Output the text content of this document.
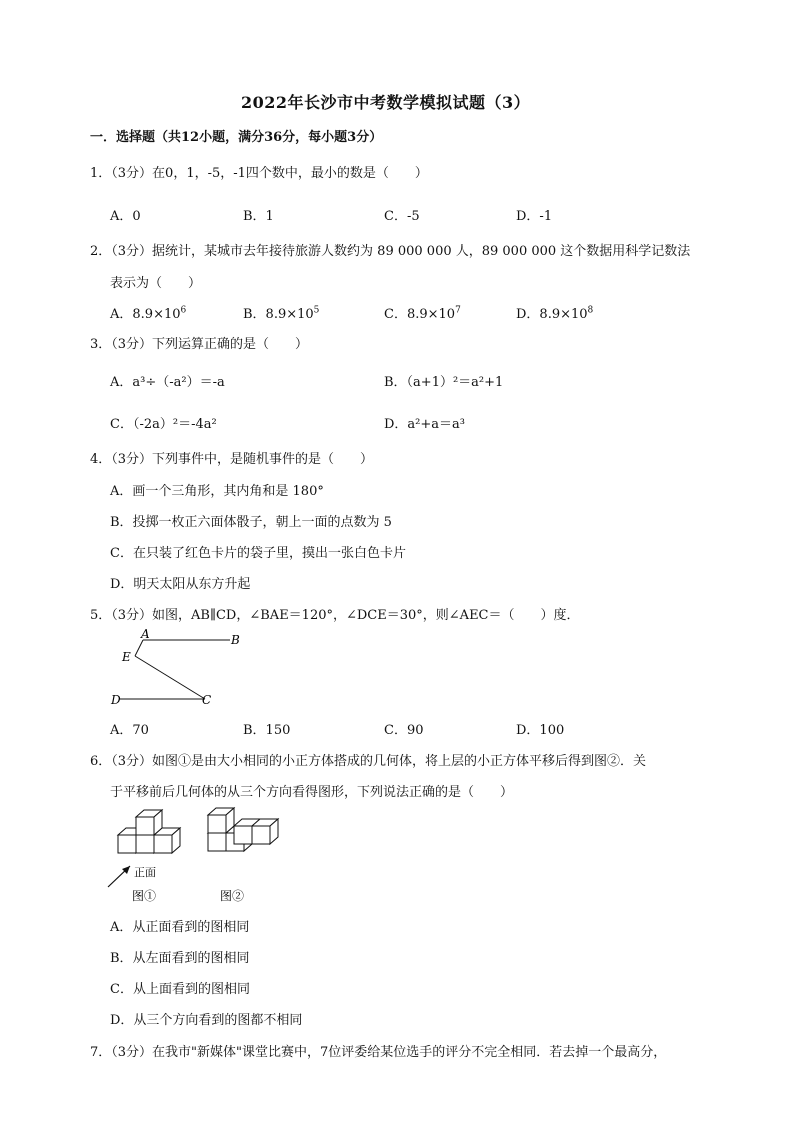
2022年长沙市中考数学模拟试题（3）
一．选择题（共12小题，满分36分，每小题3分）
1．（3分）在0，1，-5，-1四个数中，最小的数是（　　）
A．0	B．1	C．-5	D．-1
2．（3分）据统计，某城市去年接待旅游人数约为 89 000 000 人，89 000 000 这个数据用科学记数法
表示为（　　）
A．$8.9\times 10^6$	B．$8.9\times 10^5$	C．$8.9\times 10^7$	D．$8.9\times 10^8$
3．（3分）下列运算正确的是（　　）
A．a³÷（-a²）＝-a	B．（a+1）²＝a²+1
C．（-2a）²＝-4a²	D．a²+a＝a³
4．（3分）下列事件中，是随机事件的是（　　）
A．画一个三角形，其内角和是 180°
B．投掷一枚正六面体骰子，朝上一面的点数为 5
C．在只装了红色卡片的袋子里，摸出一张白色卡片
D．明天太阳从东方升起
5．（3分）如图，AB∥CD，∠BAE＝120°，∠DCE＝30°，则∠AEC＝（　　）度．
A	B
E
D	C
A．70	B．150	C．90	D．100
6．（3分）如图①是由大小相同的小正方体搭成的几何体，将上层的小正方体平移后得到图②．关
于平移前后几何体的从三个方向看得图形，下列说法正确的是（　　）
正面
图①	图②
A．从正面看到的图相同
B．从左面看到的图相同
C．从上面看到的图相同
D．从三个方向看到的图都不相同
7．（3分）在我市"新媒体"课堂比赛中，7位评委给某位选手的评分不完全相同．若去掉一个最高分，
